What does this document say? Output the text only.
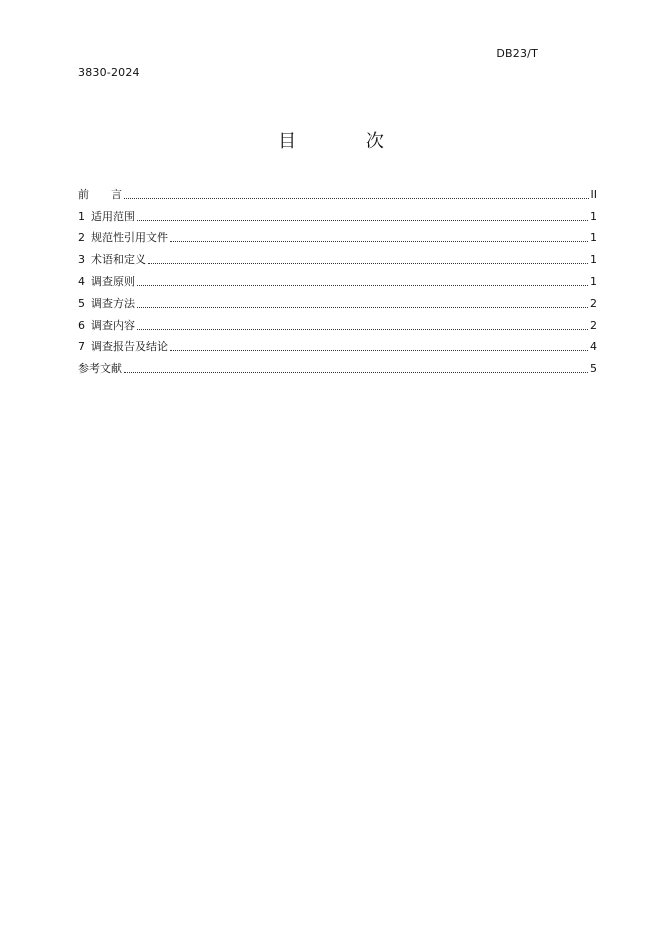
DB23/T
3830-2024
目 次
前　　言	II
1 适用范围	1
2 规范性引用文件	1
3 术语和定义	1
4 调查原则	1
5 调查方法	2
6 调查内容	2
7 调查报告及结论	4
参考文献	5
